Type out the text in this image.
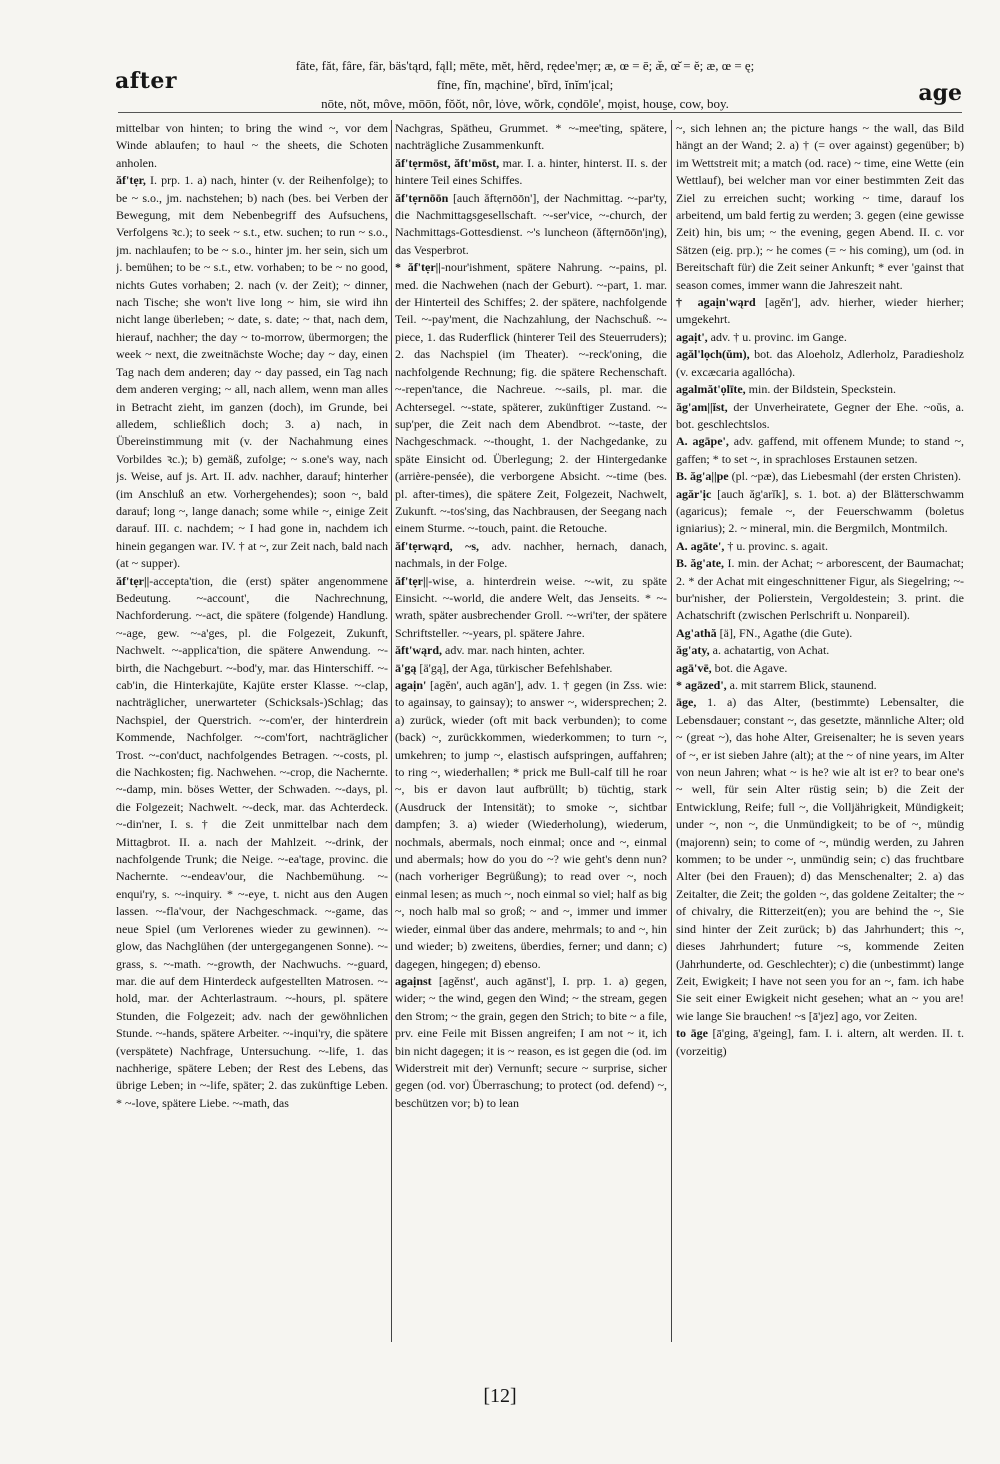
after
fāte, făt, fâre, fär, bäs'tąrd, fąll; mēte, mĕt, hẽrd, rędee'mẹr; æ, œ = ē; æ̆, œ̆ = ĕ; æ, œ = ę;
fīne, fĭn, mạchine', bĩrd, ĭnĭm'ịcal;
nōte, nŏt, môve, mōōn, fŏŏt, nôr, lȯve, wõrk, cọndōle', mọist, hous̱e, cow, boy.	age

mittelbar von hinten; to bring the wind ~, vor dem Winde ablaufen; to haul ~ the sheets, die Schoten anholen.

ăf'tẹr, I. prp. 1. a) nach, hinter (v. der Reihenfolge); to be ~ s.o., jm. nachstehen; b) nach (bes. bei Verben der Bewegung, mit dem Nebenbegriff des Aufsuchens, Verfolgens ꝛc.); to seek ~ s.t., etw. suchen; to run ~ s.o., jm. nachlaufen; to be ~ s.o., hinter jm. her sein, sich um j. bemühen; to be ~ s.t., etw. vorhaben; to be ~ no good, nichts Gutes vorhaben; 2. nach (v. der Zeit); ~ dinner, nach Tische; she won't live long ~ him, sie wird ihn nicht lange überleben; ~ date, s. date; ~ that, nach dem, hierauf, nachher; the day ~ to-morrow, übermorgen; the week ~ next, die zweitnächste Woche; day ~ day, einen Tag nach dem anderen; day ~ day passed, ein Tag nach dem anderen verging; ~ all, nach allem, wenn man alles in Betracht zieht, im ganzen (doch), im Grunde, bei alledem, schließlich doch; 3. a) nach, in Übereinstimmung mit (v. der Nachahmung eines Vorbildes ꝛc.); b) gemäß, zufolge; ~ s.one's way, nach js. Weise, auf js. Art. II. adv. nachher, darauf; hinterher (im Anschluß an etw. Vorhergehendes); soon ~, bald darauf; long ~, lange danach; some while ~, einige Zeit darauf. III. c. nachdem; ~ I had gone in, nachdem ich hinein gegangen war. IV. † at ~, zur Zeit nach, bald nach (at ~ supper).

ăf'tẹr||-accepta'tion, die (erst) später angenommene Bedeutung. ~-account', die Nachrechnung, Nachforderung. ~-act, die spätere (folgende) Handlung. ~-age, gew. ~-a'ges, pl. die Folgezeit, Zukunft, Nachwelt. ~-applica'tion, die spätere Anwendung. ~-birth, die Nachgeburt. ~-bod'y, mar. das Hinterschiff. ~-cab'in, die Hinterkajüte, Kajüte erster Klasse. ~-clap, nachträglicher, unerwarteter (Schicksals-)Schlag; das Nachspiel, der Querstrich. ~-com'er, der hinterdrein Kommende, Nachfolger. ~-com'fort, nachträglicher Trost. ~-con'duct, nachfolgendes Betragen. ~-costs, pl. die Nachkosten; fig. Nachwehen. ~-crop, die Nachernte. ~-damp, min. böses Wetter, der Schwaden. ~-days, pl. die Folgezeit; Nachwelt. ~-deck, mar. das Achterdeck. ~-din'ner, I. s. † die Zeit unmittelbar nach dem Mittagbrot. II. a. nach der Mahlzeit. ~-drink, der nachfolgende Trunk; die Neige. ~-ea'tage, provinc. die Nachernte. ~-endeav'our, die Nachbemühung. ~-enqui'ry, s. ~-inquiry. * ~-eye, t. nicht aus den Augen lassen. ~-fla'vour, der Nachgeschmack. ~-game, das neue Spiel (um Verlorenes wieder zu gewinnen). ~-glow, das Nachglühen (der untergegangenen Sonne). ~-grass, s. ~-math. ~-growth, der Nachwuchs. ~-guard, mar. die auf dem Hinterdeck aufgestellten Matrosen. ~-hold, mar. der Achterlastraum. ~-hours, pl. spätere Stunden, die Folgezeit; adv. nach der gewöhnlichen Stunde. ~-hands, spätere Arbeiter. ~-inqui'ry, die spätere (verspätete) Nachfrage, Untersuchung. ~-life, 1. das nachherige, spätere Leben; der Rest des Lebens, das übrige Leben; in ~-life, später; 2. das zukünftige Leben. * ~-love, spätere Liebe. ~-math, das

Nachgras, Spätheu, Grummet. * ~-mee'ting, spätere, nachträgliche Zusammenkunft.

ăf'tẹrmōst, ăft'mōst, mar. I. a. hinter, hinterst. II. s. der hintere Teil eines Schiffes.

ăf'tẹrnōōn [auch ăftẹrnōōn'], der Nachmittag. ~-par'ty, die Nachmittagsgesellschaft. ~-ser'vice, ~-church, der Nachmittags-Gottesdienst. ~'s luncheon (ăftẹrnōōn'ịng), das Vesperbrot.

* ăf'tẹr||-nour'ishment, spätere Nahrung. ~-pains, pl. med. die Nachwehen (nach der Geburt). ~-part, 1. mar. der Hinterteil des Schiffes; 2. der spätere, nachfolgende Teil. ~-pay'ment, die Nachzahlung, der Nachschuß. ~-piece, 1. das Ruderflick (hinterer Teil des Steuerruders); 2. das Nachspiel (im Theater). ~-reck'oning, die nachfolgende Rechnung; fig. die spätere Rechenschaft. ~-repen'tance, die Nachreue. ~-sails, pl. mar. die Achtersegel. ~-state, späterer, zukünftiger Zustand. ~-sup'per, die Zeit nach dem Abendbrot. ~-taste, der Nachgeschmack. ~-thought, 1. der Nachgedanke, zu späte Einsicht od. Überlegung; 2. der Hintergedanke (arrière-pensée), die verborgene Absicht. ~-time (bes. pl. after-times), die spätere Zeit, Folgezeit, Nachwelt, Zukunft. ~-tos'sing, das Nachbrausen, der Seegang nach einem Sturme. ~-touch, paint. die Retouche.

ăf'tẹrwąrd, ~s, adv. nachher, hernach, danach, nachmals, in der Folge.

ăf'tẹr||-wise, a. hinterdrein weise. ~-wit, zu späte Einsicht. ~-world, die andere Welt, das Jenseits. * ~-wrath, später ausbrechender Groll. ~-wri'ter, der spätere Schriftsteller. ~-years, pl. spätere Jahre.

ăft'wąrd, adv. mar. nach hinten, achter.

ä'gą [ä'gą], der Aga, türkischer Befehlshaber.

agaịn' [agĕn', auch agān'], adv. 1. † gegen (in Zss. wie: to againsay, to gainsay); to answer ~, widersprechen; 2. a) zurück, wieder (oft mit back verbunden); to come (back) ~, zurückkommen, wiederkommen; to turn ~, umkehren; to jump ~, elastisch aufspringen, auffahren; to ring ~, wiederhallen; * prick me Bull-calf till he roar ~, bis er davon laut aufbrüllt; b) tüchtig, stark (Ausdruck der Intensität); to smoke ~, sichtbar dampfen; 3. a) wieder (Wiederholung), wiederum, nochmals, abermals, noch einmal; once and ~, einmal und abermals; how do you do ~? wie geht's denn nun? (nach vorheriger Begrüßung); to read over ~, noch einmal lesen; as much ~, noch einmal so viel; half as big ~, noch halb mal so groß; ~ and ~, immer und immer wieder, einmal über das andere, mehrmals; to and ~, hin und wieder; b) zweitens, überdies, ferner; und dann; c) dagegen, hingegen; d) ebenso.

agaịnst [agĕnst', auch agānst'], I. prp. 1. a) gegen, wider; ~ the wind, gegen den Wind; ~ the stream, gegen den Strom; ~ the grain, gegen den Strich; to bite ~ a file, prv. eine Feile mit Bissen angreifen; I am not ~ it, ich bin nicht dagegen; it is ~ reason, es ist gegen die (od. im Widerstreit mit der) Vernunft; secure ~ surprise, sicher gegen (od. vor) Überraschung; to protect (od. defend) ~, beschützen vor; b) to lean

~, sich lehnen an; the picture hangs ~ the wall, das Bild hängt an der Wand; 2. a) † (= over against) gegenüber; b) im Wettstreit mit; a match (od. race) ~ time, eine Wette (ein Wettlauf), bei welcher man vor einer bestimmten Zeit das Ziel zu erreichen sucht; working ~ time, darauf los arbeitend, um bald fertig zu werden; 3. gegen (eine gewisse Zeit) hin, bis um; ~ the evening, gegen Abend. II. c. vor Sätzen (eig. prp.); ~ he comes (= ~ his coming), um (od. in Bereitschaft für) die Zeit seiner Ankunft; * ever 'gainst that season comes, immer wann die Jahreszeit naht.

† agaịn'wąrd [agĕn'], adv. hierher, wieder hierher; umgekehrt.

agaịt', adv. † u. provinc. im Gange.

agăl'lọch(ŭm), bot. das Aloeholz, Adlerholz, Paradiesholz (v. excæcaria agallócha).

agalmăt'ọlīte, min. der Bildstein, Speckstein.

ăg'am||ĭst, der Unverheiratete, Gegner der Ehe. ~oŭs, a. bot. geschlechtslos.

A. agāpe', adv. gaffend, mit offenem Munde; to stand ~, gaffen; * to set ~, in sprachloses Erstaunen setzen.

B. ăg'a||pe (pl. ~pæ), das Liebesmahl (der ersten Christen).

agăr'ịc [auch ăg'arĭk], s. 1. bot. a) der Blätterschwamm (agaricus); female ~, der Feuerschwamm (boletus igniarius); 2. ~ mineral, min. die Bergmilch, Montmilch.

A. agāte', † u. provinc. s. agait.

B. ăg'ate, I. min. der Achat; ~ arborescent, der Baumachat; 2. * der Achat mit eingeschnittener Figur, als Siegelring; ~-bur'nisher, der Polierstein, Vergoldestein; 3. print. die Achatschrift (zwischen Perlschrift u. Nonpareil).

Ag'athă [ä], FN., Agathe (die Gute).

ăg'aty, a. achatartig, von Achat.

agā'vē, bot. die Agave.

* agāzed', a. mit starrem Blick, staunend.

āge, 1. a) das Alter, (bestimmte) Lebensalter, die Lebensdauer; constant ~, das gesetzte, männliche Alter; old ~ (great ~), das hohe Alter, Greisenalter; he is seven years of ~, er ist sieben Jahre (alt); at the ~ of nine years, im Alter von neun Jahren; what ~ is he? wie alt ist er? to bear one's ~ well, für sein Alter rüstig sein; b) die Zeit der Entwicklung, Reife; full ~, die Volljährigkeit, Mündigkeit; under ~, non ~, die Unmündigkeit; to be of ~, mündig (majorenn) sein; to come of ~, mündig werden, zu Jahren kommen; to be under ~, unmündig sein; c) das fruchtbare Alter (bei den Frauen); d) das Menschenalter; 2. a) das Zeitalter, die Zeit; the golden ~, das goldene Zeitalter; the ~ of chivalry, die Ritterzeit(en); you are behind the ~, Sie sind hinter der Zeit zurück; b) das Jahrhundert; this ~, dieses Jahrhundert; future ~s, kommende Zeiten (Jahrhunderte, od. Geschlechter); c) die (unbestimmt) lange Zeit, Ewigkeit; I have not seen you for an ~, fam. ich habe Sie seit einer Ewigkeit nicht gesehen; what an ~ you are! wie lange Sie brauchen! ~s [ā'jez] ago, vor Zeiten.

to āge [ā'ging, ā'geing], fam. I. i. altern, alt werden. II. t. (vorzeitig)

[12]
